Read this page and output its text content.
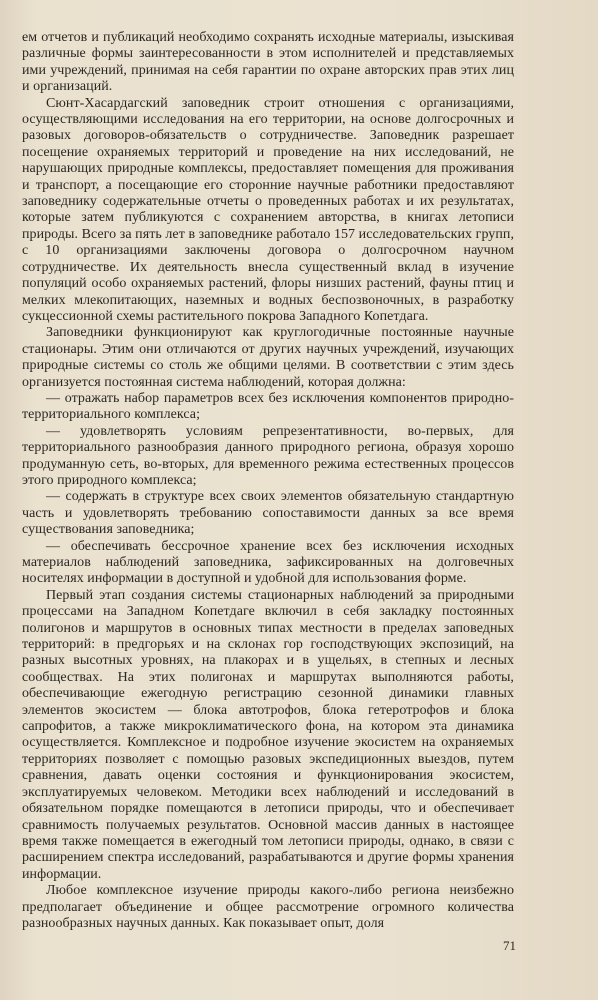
ем отчетов и публикаций необходимо сохранять исходные материалы, изыскивая различные формы заинтересованности в этом исполнителей и представляемых ими учреждений, принимая на себя гарантии по охране авторских прав этих лиц и организаций.

Сюнт-Хасардагский заповедник строит отношения с организациями, осуществляющими исследования на его территории, на основе долгосрочных и разовых договоров-обязательств о сотрудничестве. Заповедник разрешает посещение охраняемых территорий и проведение на них исследований, не нарушающих природные комплексы, предоставляет помещения для проживания и транспорт, а посещающие его сторонние научные работники предоставляют заповеднику содержательные отчеты о проведенных работах и их результатах, которые затем публикуются с сохранением авторства, в книгах летописи природы. Всего за пять лет в заповеднике работало 157 исследовательских групп, с 10 организациями заключены договора о долгосрочном научном сотрудничестве. Их деятельность внесла существенный вклад в изучение популяций особо охраняемых растений, флоры низших растений, фауны птиц и мелких млекопитающих, наземных и водных беспозвоночных, в разработку сукцессионной схемы растительного покрова Западного Копетдага.

Заповедники функционируют как круглогодичные постоянные научные стационары. Этим они отличаются от других научных учреждений, изучающих природные системы со столь же общими целями. В соответствии с этим здесь организуется постоянная система наблюдений, которая должна:

— отражать набор параметров всех без исключения компонентов природно-территориального комплекса;

— удовлетворять условиям репрезентативности, во-первых, для территориального разнообразия данного природного региона, образуя хорошо продуманную сеть, во-вторых, для временного режима естественных процессов этого природного комплекса;

— содержать в структуре всех своих элементов обязательную стандартную часть и удовлетворять требованию сопоставимости данных за все время существования заповедника;

— обеспечивать бессрочное хранение всех без исключения исходных материалов наблюдений заповедника, зафиксированных на долговечных носителях информации в доступной и удобной для использования форме.

Первый этап создания системы стационарных наблюдений за природными процессами на Западном Копетдаге включил в себя закладку постоянных полигонов и маршрутов в основных типах местности в пределах заповедных территорий: в предгорьях и на склонах гор господствующих экспозиций, на разных высотных уровнях, на плакорах и в ущельях, в степных и лесных сообществах. На этих полигонах и маршрутах выполняются работы, обеспечивающие ежегодную регистрацию сезонной динамики главных элементов экосистем — блока автотрофов, блока гетеротрофов и блока сапрофитов, а также микроклиматического фона, на котором эта динамика осуществляется. Комплексное и подробное изучение экосистем на охраняемых территориях позволяет с помощью разовых экспедиционных выездов, путем сравнения, давать оценки состояния и функционирования экосистем, эксплуатируемых человеком. Методики всех наблюдений и исследований в обязательном порядке помещаются в летописи природы, что и обеспечивает сравнимость получаемых результатов. Основной массив данных в настоящее время также помещается в ежегодный том летописи природы, однако, в связи с расширением спектра исследований, разрабатываются и другие формы хранения информации.

Любое комплексное изучение природы какого-либо региона неизбежно предполагает объединение и общее рассмотрение огромного количества разнообразных научных данных. Как показывает опыт, доля

71
